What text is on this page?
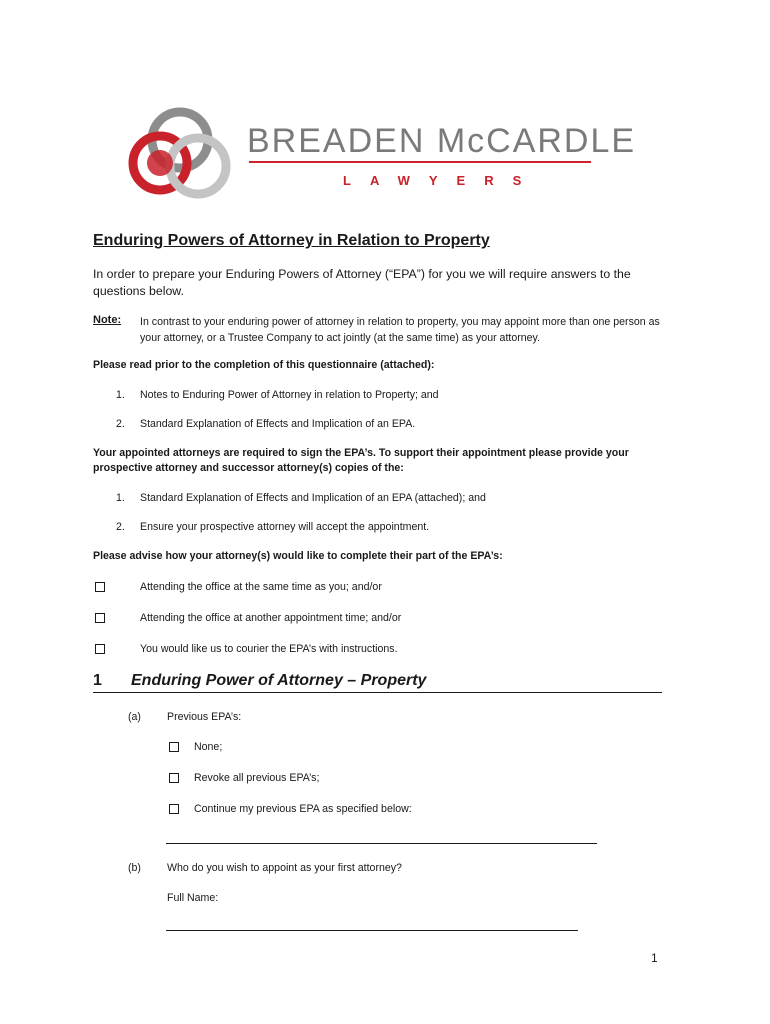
BREADEN McCARDLE
LAWYERS
Enduring Powers of Attorney in Relation to Property
In order to prepare your Enduring Powers of Attorney (“EPA”) for you we will require answers to the questions below.
Note: In contrast to your enduring power of attorney in relation to property, you may appoint more than one person as your attorney, or a Trustee Company to act jointly (at the same time) as your attorney.
Please read prior to the completion of this questionnaire (attached):
1. Notes to Enduring Power of Attorney in relation to Property; and
2. Standard Explanation of Effects and Implication of an EPA.
Your appointed attorneys are required to sign the EPA’s. To support their appointment please provide your prospective attorney and successor attorney(s) copies of the:
1. Standard Explanation of Effects and Implication of an EPA (attached); and
2. Ensure your prospective attorney will accept the appointment.
Please advise how your attorney(s) would like to complete their part of the EPA’s:
Attending the office at the same time as you; and/or
Attending the office at another appointment time; and/or
You would like us to courier the EPA’s with instructions.
1 Enduring Power of Attorney – Property
(a) Previous EPA’s:
None;
Revoke all previous EPA’s;
Continue my previous EPA as specified below:
(b) Who do you wish to appoint as your first attorney?
Full Name:
1
